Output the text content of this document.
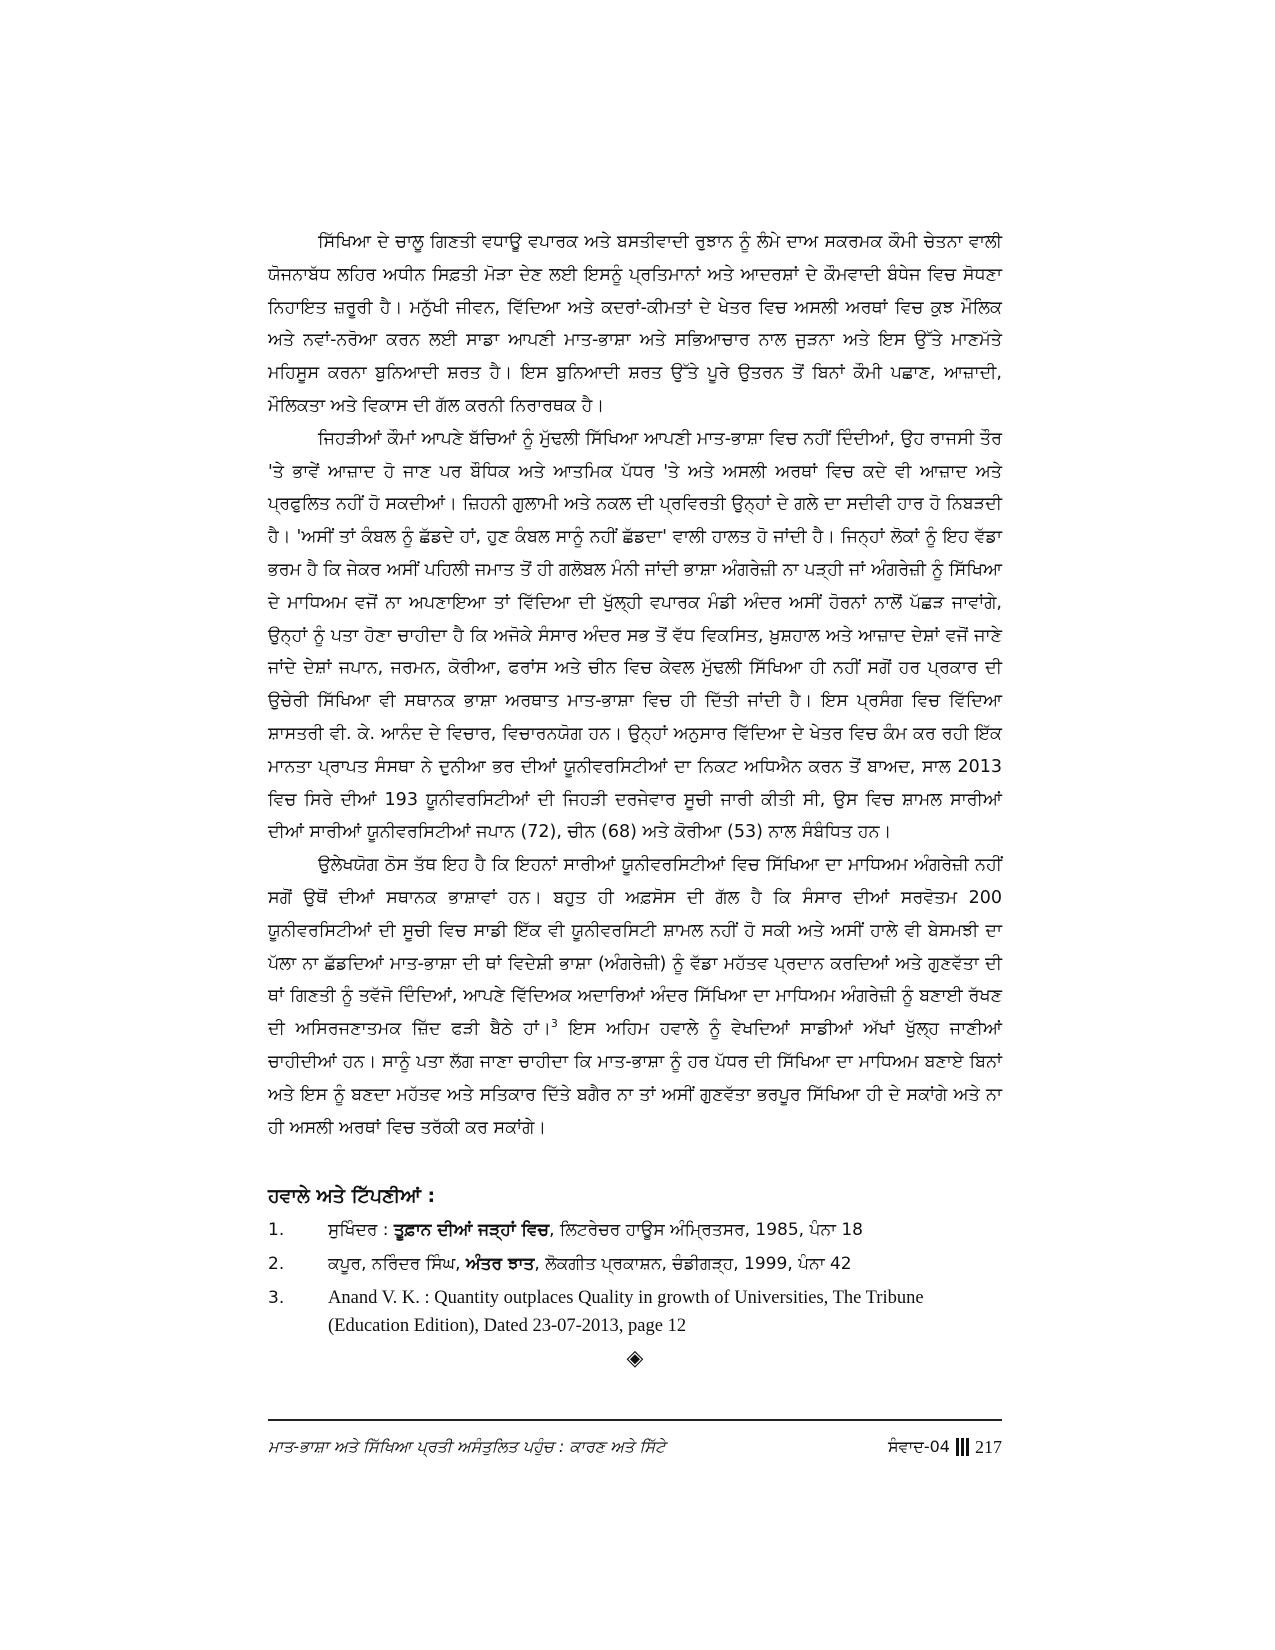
ਸਿੱਖਿਆ ਦੇ ਚਾਲੂ ਗਿਣਤੀ ਵਧਾਊ ਵਪਾਰਕ ਅਤੇ ਬਸਤੀਵਾਦੀ ਰੁਝਾਨ ਨੂੰ ਲੰਮੇ ਦਾਅ ਸਕਰਮਕ ਕੌਮੀ ਚੇਤਨਾ ਵਾਲੀ ਯੋਜਨਾਬੱਧ ਲਹਿਰ ਅਧੀਨ ਸਿਫ਼ਤੀ ਮੋੜਾ ਦੇਣ ਲਈ ਇਸਨੂੰ ਪ੍ਰਤਿਮਾਨਾਂ ਅਤੇ ਆਦਰਸ਼ਾਂ ਦੇ ਕੌਮਵਾਦੀ ਬੰਧੇਜ ਵਿਚ ਸੋਧਣਾ ਨਿਹਾਇਤ ਜ਼ਰੂਰੀ ਹੈ। ਮਨੁੱਖੀ ਜੀਵਨ, ਵਿੱਦਿਆ ਅਤੇ ਕਦਰਾਂ-ਕੀਮਤਾਂ ਦੇ ਖੇਤਰ ਵਿਚ ਅਸਲੀ ਅਰਥਾਂ ਵਿਚ ਕੁਝ ਮੌਲਿਕ ਅਤੇ ਨਵਾਂ-ਨਰੋਆ ਕਰਨ ਲਈ ਸਾਡਾ ਆਪਣੀ ਮਾਤ-ਭਾਸ਼ਾ ਅਤੇ ਸਭਿਆਚਾਰ ਨਾਲ ਜੁੜਨਾ ਅਤੇ ਇਸ ਉੱਤੇ ਮਾਣਮੱਤੇ ਮਹਿਸੂਸ ਕਰਨਾ ਬੁਨਿਆਦੀ ਸ਼ਰਤ ਹੈ। ਇਸ ਬੁਨਿਆਦੀ ਸ਼ਰਤ ਉੱਤੇ ਪੂਰੇ ਉਤਰਨ ਤੋਂ ਬਿਨਾਂ ਕੌਮੀ ਪਛਾਣ, ਆਜ਼ਾਦੀ, ਮੌਲਿਕਤਾ ਅਤੇ ਵਿਕਾਸ ਦੀ ਗੱਲ ਕਰਨੀ ਨਿਰਾਰਥਕ ਹੈ।

ਜਿਹੜੀਆਂ ਕੌਮਾਂ ਆਪਣੇ ਬੱਚਿਆਂ ਨੂੰ ਮੁੱਢਲੀ ਸਿੱਖਿਆ ਆਪਣੀ ਮਾਤ-ਭਾਸ਼ਾ ਵਿਚ ਨਹੀਂ ਦਿੰਦੀਆਂ, ਉਹ ਰਾਜਸੀ ਤੌਰ 'ਤੇ ਭਾਵੇਂ ਆਜ਼ਾਦ ਹੋ ਜਾਣ ਪਰ ਬੌਧਿਕ ਅਤੇ ਆਤਮਿਕ ਪੱਧਰ 'ਤੇ ਅਤੇ ਅਸਲੀ ਅਰਥਾਂ ਵਿਚ ਕਦੇ ਵੀ ਆਜ਼ਾਦ ਅਤੇ ਪ੍ਰਫੁਲਿਤ ਨਹੀਂ ਹੋ ਸਕਦੀਆਂ। ਜ਼ਿਹਨੀ ਗੁਲਾਮੀ ਅਤੇ ਨਕਲ ਦੀ ਪ੍ਰਵਿਰਤੀ ਉਨ੍ਹਾਂ ਦੇ ਗਲੇ ਦਾ ਸਦੀਵੀ ਹਾਰ ਹੋ ਨਿਬੜਦੀ ਹੈ। 'ਅਸੀਂ ਤਾਂ ਕੰਬਲ ਨੂੰ ਛੱਡਦੇ ਹਾਂ, ਹੁਣ ਕੰਬਲ ਸਾਨੂੰ ਨਹੀਂ ਛੱਡਦਾ' ਵਾਲੀ ਹਾਲਤ ਹੋ ਜਾਂਦੀ ਹੈ। ਜਿਨ੍ਹਾਂ ਲੋਕਾਂ ਨੂੰ ਇਹ ਵੱਡਾ ਭਰਮ ਹੈ ਕਿ ਜੇਕਰ ਅਸੀਂ ਪਹਿਲੀ ਜਮਾਤ ਤੋਂ ਹੀ ਗਲੋਬਲ ਮੰਨੀ ਜਾਂਦੀ ਭਾਸ਼ਾ ਅੰਗਰੇਜ਼ੀ ਨਾ ਪੜ੍ਹੀ ਜਾਂ ਅੰਗਰੇਜ਼ੀ ਨੂੰ ਸਿੱਖਿਆ ਦੇ ਮਾਧਿਅਮ ਵਜੋਂ ਨਾ ਅਪਣਾਇਆ ਤਾਂ ਵਿੱਦਿਆ ਦੀ ਖੁੱਲ੍ਹੀ ਵਪਾਰਕ ਮੰਡੀ ਅੰਦਰ ਅਸੀਂ ਹੋਰਨਾਂ ਨਾਲੋਂ ਪੱਛੜ ਜਾਵਾਂਗੇ, ਉਨ੍ਹਾਂ ਨੂੰ ਪਤਾ ਹੋਣਾ ਚਾਹੀਦਾ ਹੈ ਕਿ ਅਜੋਕੇ ਸੰਸਾਰ ਅੰਦਰ ਸਭ ਤੋਂ ਵੱਧ ਵਿਕਸਿਤ, ਖ਼ੁਸ਼ਹਾਲ ਅਤੇ ਆਜ਼ਾਦ ਦੇਸ਼ਾਂ ਵਜੋਂ ਜਾਣੇ ਜਾਂਦੇ ਦੇਸ਼ਾਂ ਜਪਾਨ, ਜਰਮਨ, ਕੋਰੀਆ, ਫਰਾਂਸ ਅਤੇ ਚੀਨ ਵਿਚ ਕੇਵਲ ਮੁੱਢਲੀ ਸਿੱਖਿਆ ਹੀ ਨਹੀਂ ਸਗੋਂ ਹਰ ਪ੍ਰਕਾਰ ਦੀ ਉਚੇਰੀ ਸਿੱਖਿਆ ਵੀ ਸਥਾਨਕ ਭਾਸ਼ਾ ਅਰਥਾਤ ਮਾਤ-ਭਾਸ਼ਾ ਵਿਚ ਹੀ ਦਿੱਤੀ ਜਾਂਦੀ ਹੈ। ਇਸ ਪ੍ਰਸੰਗ ਵਿਚ ਵਿੱਦਿਆ ਸ਼ਾਸਤਰੀ ਵੀ. ਕੇ. ਆਨੰਦ ਦੇ ਵਿਚਾਰ, ਵਿਚਾਰਨਯੋਗ ਹਨ। ਉਨ੍ਹਾਂ ਅਨੁਸਾਰ ਵਿੱਦਿਆ ਦੇ ਖੇਤਰ ਵਿਚ ਕੰਮ ਕਰ ਰਹੀ ਇੱਕ ਮਾਨਤਾ ਪ੍ਰਾਪਤ ਸੰਸਥਾ ਨੇ ਦੁਨੀਆ ਭਰ ਦੀਆਂ ਯੂਨੀਵਰਸਿਟੀਆਂ ਦਾ ਨਿਕਟ ਅਧਿਐਨ ਕਰਨ ਤੋਂ ਬਾਅਦ, ਸਾਲ 2013 ਵਿਚ ਸਿਰੇ ਦੀਆਂ 193 ਯੂਨੀਵਰਸਿਟੀਆਂ ਦੀ ਜਿਹੜੀ ਦਰਜੇਵਾਰ ਸੂਚੀ ਜਾਰੀ ਕੀਤੀ ਸੀ, ਉਸ ਵਿਚ ਸ਼ਾਮਲ ਸਾਰੀਆਂ ਦੀਆਂ ਸਾਰੀਆਂ ਯੂਨੀਵਰਸਿਟੀਆਂ ਜਪਾਨ (72), ਚੀਨ (68) ਅਤੇ ਕੋਰੀਆ (53) ਨਾਲ ਸੰਬੰਧਿਤ ਹਨ।

ਉਲੇਖਯੋਗ ਠੋਸ ਤੱਥ ਇਹ ਹੈ ਕਿ ਇਹਨਾਂ ਸਾਰੀਆਂ ਯੂਨੀਵਰਸਿਟੀਆਂ ਵਿਚ ਸਿੱਖਿਆ ਦਾ ਮਾਧਿਅਮ ਅੰਗਰੇਜ਼ੀ ਨਹੀਂ ਸਗੋਂ ਉਥੋਂ ਦੀਆਂ ਸਥਾਨਕ ਭਾਸ਼ਾਵਾਂ ਹਨ। ਬਹੁਤ ਹੀ ਅਫ਼ਸੋਸ ਦੀ ਗੱਲ ਹੈ ਕਿ ਸੰਸਾਰ ਦੀਆਂ ਸਰਵੋਤਮ 200 ਯੂਨੀਵਰਸਿਟੀਆਂ ਦੀ ਸੂਚੀ ਵਿਚ ਸਾਡੀ ਇੱਕ ਵੀ ਯੂਨੀਵਰਸਿਟੀ ਸ਼ਾਮਲ ਨਹੀਂ ਹੋ ਸਕੀ ਅਤੇ ਅਸੀਂ ਹਾਲੇ ਵੀ ਬੇਸਮਝੀ ਦਾ ਪੱਲਾ ਨਾ ਛੱਡਦਿਆਂ ਮਾਤ-ਭਾਸ਼ਾ ਦੀ ਥਾਂ ਵਿਦੇਸ਼ੀ ਭਾਸ਼ਾ (ਅੰਗਰੇਜ਼ੀ) ਨੂੰ ਵੱਡਾ ਮਹੱਤਵ ਪ੍ਰਦਾਨ ਕਰਦਿਆਂ ਅਤੇ ਗੁਣਵੱਤਾ ਦੀ ਥਾਂ ਗਿਣਤੀ ਨੂੰ ਤਵੱਜੋ ਦਿੰਦਿਆਂ, ਆਪਣੇ ਵਿੱਦਿਅਕ ਅਦਾਰਿਆਂ ਅੰਦਰ ਸਿੱਖਿਆ ਦਾ ਮਾਧਿਅਮ ਅੰਗਰੇਜ਼ੀ ਨੂੰ ਬਣਾਈ ਰੱਖਣ ਦੀ ਅਸਿਰਜਣਾਤਮਕ ਜ਼ਿੱਦ ਫੜੀ ਬੈਠੇ ਹਾਂ।$^3$ ਇਸ ਅਹਿਮ ਹਵਾਲੇ ਨੂੰ ਵੇਖਦਿਆਂ ਸਾਡੀਆਂ ਅੱਖਾਂ ਖੁੱਲ੍ਹ ਜਾਣੀਆਂ ਚਾਹੀਦੀਆਂ ਹਨ। ਸਾਨੂੰ ਪਤਾ ਲੱਗ ਜਾਣਾ ਚਾਹੀਦਾ ਕਿ ਮਾਤ-ਭਾਸ਼ਾ ਨੂੰ ਹਰ ਪੱਧਰ ਦੀ ਸਿੱਖਿਆ ਦਾ ਮਾਧਿਅਮ ਬਣਾਏ ਬਿਨਾਂ ਅਤੇ ਇਸ ਨੂੰ ਬਣਦਾ ਮਹੱਤਵ ਅਤੇ ਸਤਿਕਾਰ ਦਿੱਤੇ ਬਗੈਰ ਨਾ ਤਾਂ ਅਸੀਂ ਗੁਣਵੱਤਾ ਭਰਪੂਰ ਸਿੱਖਿਆ ਹੀ ਦੇ ਸਕਾਂਗੇ ਅਤੇ ਨਾ ਹੀ ਅਸਲੀ ਅਰਥਾਂ ਵਿਚ ਤਰੱਕੀ ਕਰ ਸਕਾਂਗੇ।

ਹਵਾਲੇ ਅਤੇ ਟਿੱਪਣੀਆਂ :
1.	ਸੁਖਿੰਦਰ : ਤੂਫ਼ਾਨ ਦੀਆਂ ਜੜ੍ਹਾਂ ਵਿਚ, ਲਿਟਰੇਚਰ ਹਾਊਸ ਅੰਮ੍ਰਿਤਸਰ, 1985, ਪੰਨਾ 18
2.	ਕਪੂਰ, ਨਰਿੰਦਰ ਸਿੰਘ, ਅੰਤਰ ਝਾਤ, ਲੋਕਗੀਤ ਪ੍ਰਕਾਸ਼ਨ, ਚੰਡੀਗੜ੍ਹ, 1999, ਪੰਨਾ 42
3.	Anand V. K. : Quantity outplaces Quality in growth of Universities, The Tribune (Education Edition), Dated 23-07-2013, page 12
◈
ਮਾਤ-ਭਾਸ਼ਾ ਅਤੇ ਸਿੱਖਿਆ ਪ੍ਰਤੀ ਅਸੰਤੁਲਿਤ ਪਹੁੰਚ : ਕਾਰਣ ਅਤੇ ਸਿੱਟੇ	ਸੰਵਾਦ-04 217
